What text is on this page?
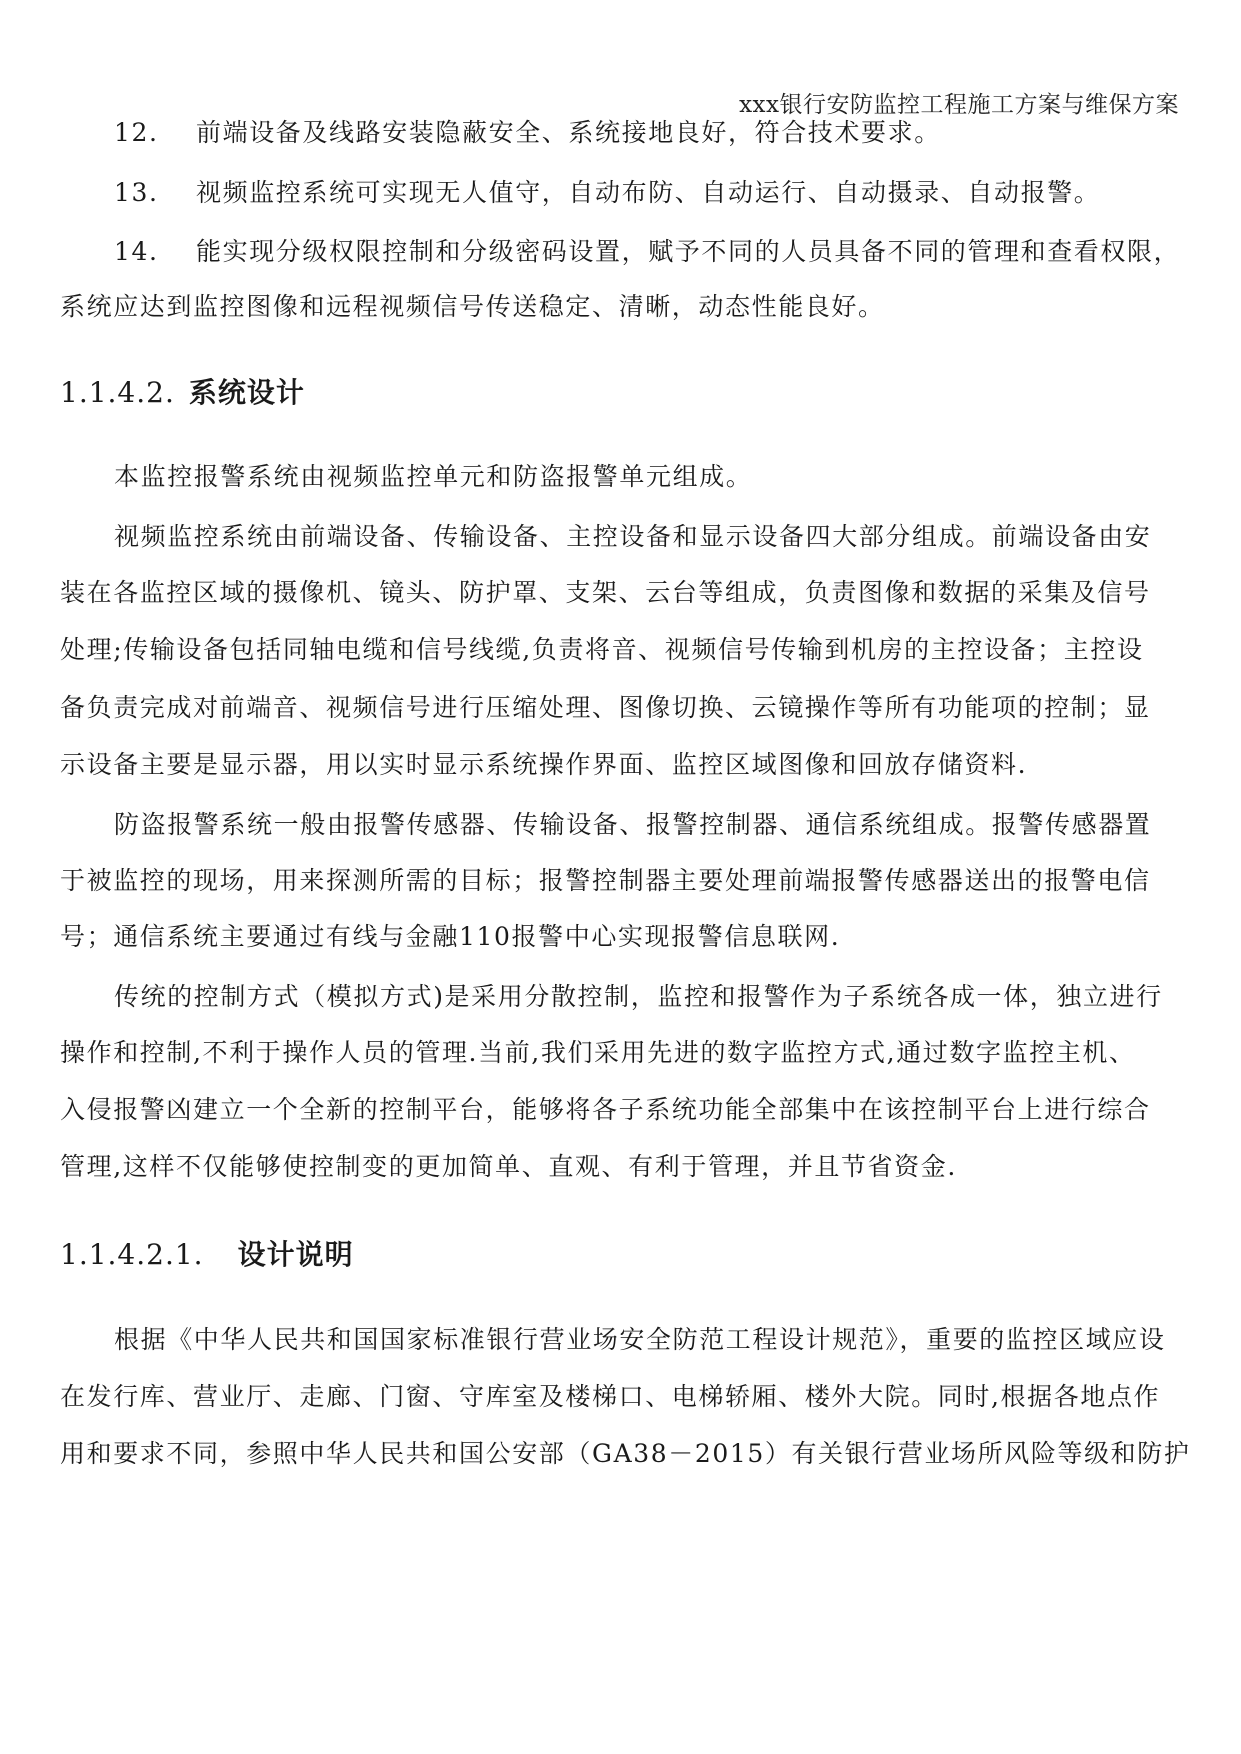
xxx银行安防监控工程施工方案与维保方案
12. 前端设备及线路安装隐蔽安全、系统接地良好，符合技术要求。
13. 视频监控系统可实现无人值守，自动布防、自动运行、自动摄录、自动报警。
14. 能实现分级权限控制和分级密码设置，赋予不同的人员具备不同的管理和查看权限，
系统应达到监控图像和远程视频信号传送稳定、清晰，动态性能良好。
1.1.4.2. 系统设计
本监控报警系统由视频监控单元和防盗报警单元组成。
视频监控系统由前端设备、传输设备、主控设备和显示设备四大部分组成。前端设备由安
装在各监控区域的摄像机、镜头、防护罩、支架、云台等组成，负责图像和数据的采集及信号
处理;传输设备包括同轴电缆和信号线缆,负责将音、视频信号传输到机房的主控设备；主控设
备负责完成对前端音、视频信号进行压缩处理、图像切换、云镜操作等所有功能项的控制；显
示设备主要是显示器，用以实时显示系统操作界面、监控区域图像和回放存储资料.
防盗报警系统一般由报警传感器、传输设备、报警控制器、通信系统组成。报警传感器置
于被监控的现场，用来探测所需的目标；报警控制器主要处理前端报警传感器送出的报警电信
号；通信系统主要通过有线与金融110报警中心实现报警信息联网.
传统的控制方式（模拟方式)是采用分散控制，监控和报警作为子系统各成一体，独立进行
操作和控制,不利于操作人员的管理.当前,我们采用先进的数字监控方式,通过数字监控主机、
入侵报警凶建立一个全新的控制平台，能够将各子系统功能全部集中在该控制平台上进行综合
管理,这样不仅能够使控制变的更加简单、直观、有利于管理，并且节省资金.
1.1.4.2.1. 设计说明
根据《中华人民共和国国家标准银行营业场安全防范工程设计规范》，重要的监控区域应设
在发行库、营业厅、走廊、门窗、守库室及楼梯口、电梯轿厢、楼外大院。同时,根据各地点作
用和要求不同，参照中华人民共和国公安部（GA38－2015）有关银行营业场所风险等级和防护
